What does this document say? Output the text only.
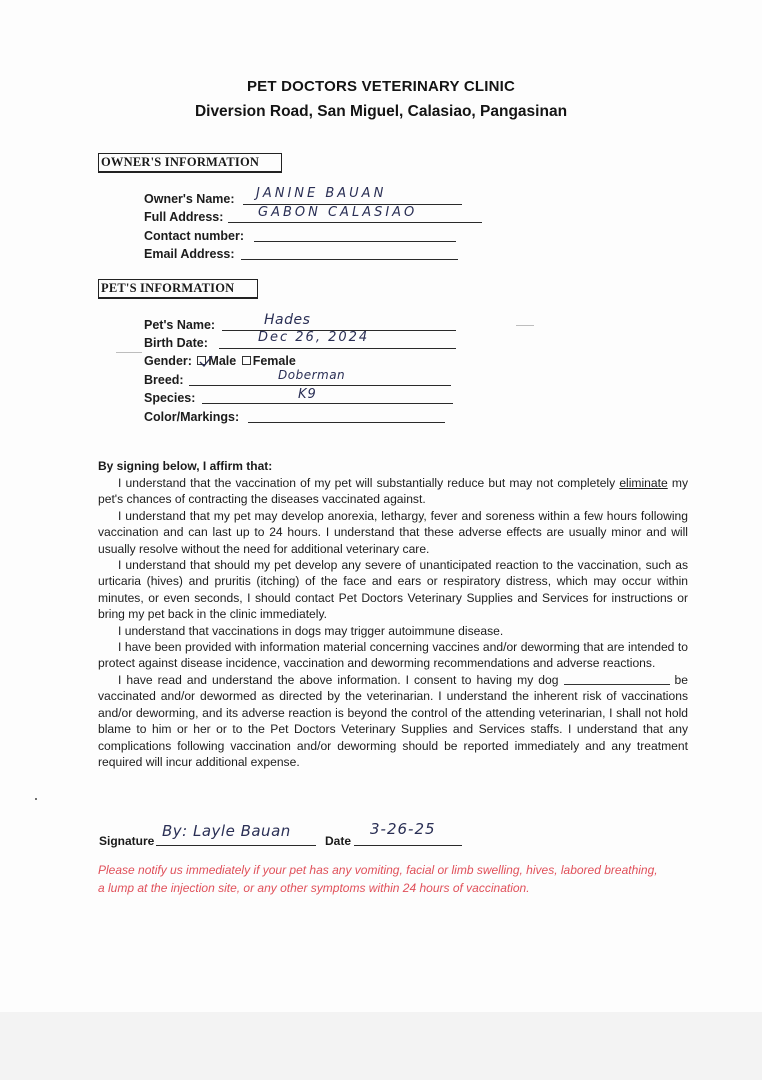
PET DOCTORS VETERINARY CLINIC
Diversion Road, San Miguel, Calasiao, Pangasinan
OWNER'S INFORMATION
Owner's Name: JANINE BAUAN
Full Address:	GABON CALASIAO
Contact number:
Email Address:
PET'S INFORMATION
Pet's Name:	Hades
Birth Date:	Dec 26, 2024
Gender: Male Female
Breed:	Doberman
Species:	K9
Color/Markings:
By signing below, I affirm that:

I understand that the vaccination of my pet will substantially reduce but may not completely eliminate my pet's chances of contracting the diseases vaccinated against.

I understand that my pet may develop anorexia, lethargy, fever and soreness within a few hours following vaccination and can last up to 24 hours. I understand that these adverse effects are usually minor and will usually resolve without the need for additional veterinary care.

I understand that should my pet develop any severe of unanticipated reaction to the vaccination, such as urticaria (hives) and pruritis (itching) of the face and ears or respiratory distress, which may occur within minutes, or even seconds, I should contact Pet Doctors Veterinary Supplies and Services for instructions or bring my pet back in the clinic immediately.

I understand that vaccinations in dogs may trigger autoimmune disease.

I have been provided with information material concerning vaccines and/or deworming that are intended to protect against disease incidence, vaccination and deworming recommendations and adverse reactions.

I have read and understand the above information. I consent to having my dog	be vaccinated and/or dewormed as directed by the veterinarian. I understand the inherent risk of vaccinations and/or deworming, and its adverse reaction is beyond the control of the attending veterinarian, I shall not hold blame to him or her or to the Pet Doctors Veterinary Supplies and Services staffs. I understand that any complications following vaccination and/or deworming should be reported immediately and any treatment required will incur additional expense.

Signature
By: Layle Bauan
Date
3-26-25
Please notify us immediately if your pet has any vomiting, facial or limb swelling, hives, labored breathing, a lump at the injection site, or any other symptoms within 24 hours of vaccination.
